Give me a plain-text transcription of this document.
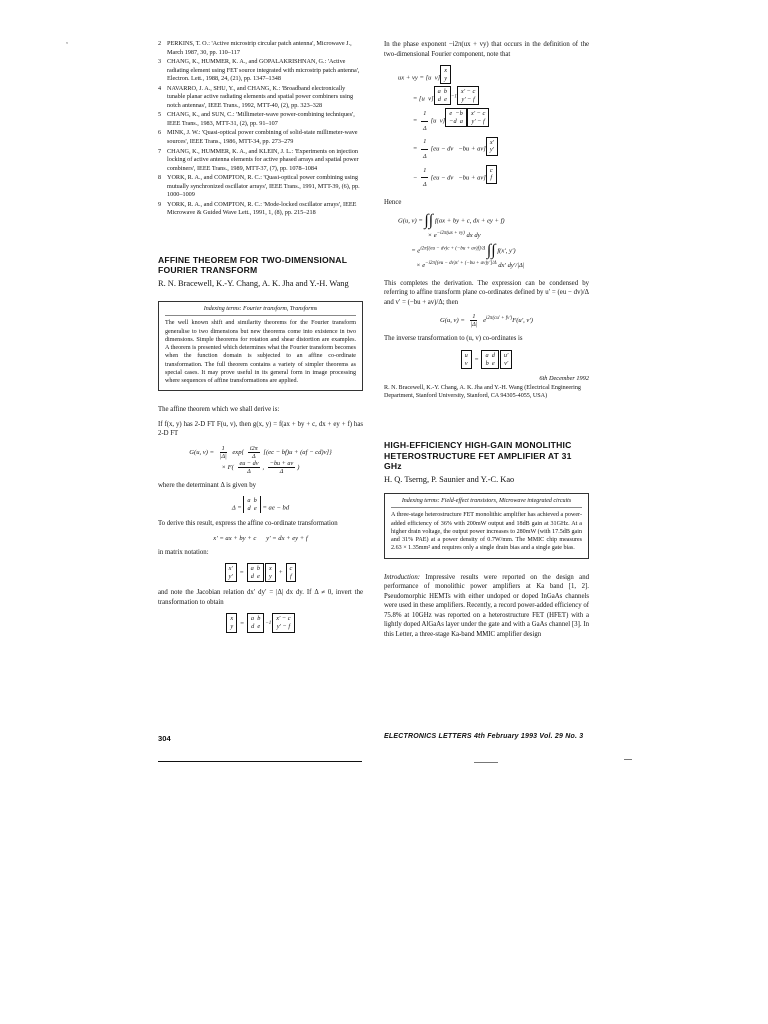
,	2 PERKINS, T. O.: 'Active microstrip circular patch antenna', Microwave J., March 1987, 30, pp. 110–117
3 CHANG, K., HUMMER, K. A., and GOPALAKRISHNAN, G.: 'Active radiating element using FET source integrated with microstrip patch antenna', Electron. Lett., 1988, 24, (21), pp. 1347–1348
4 NAVARRO, J. A., SHU, Y., and CHANG, K.: 'Broadband electronically tunable planar active radiating elements and spatial power combiners using notch antennas', IEEE Trans., 1992, MTT-40, (2), pp. 323–328
5 CHANG, K., and SUN, C.: 'Millimeter-wave power-combining techniques', IEEE Trans., 1983, MTT-31, (2), pp. 91–107
6 MINK, J. W.: 'Quasi-optical power combining of solid-state millimeter-wave sources', IEEE Trans., 1986, MTT-34, pp. 273–279
7 CHANG, K., HUMMER, K. A., and KLEIN, J. L.: 'Experiments on injection locking of active antenna elements for active phased arrays and spatial power combiners', IEEE Trans., 1989, MTT-37, (7), pp. 1078–1084
8 YORK, R. A., and COMPTON, R. C.: 'Quasi-optical power combining using mutually synchronized oscillator arrays', IEEE Trans., 1991, MTT-39, (6), pp. 1000–1009
9 YORK, R. A., and COMPTON, R. C.: 'Mode-locked oscillator arrays', IEEE Microwave & Guided Wave Lett., 1991, 1, (8), pp. 215–218
AFFINE THEOREM FOR TWO-DIMENSIONAL FOURIER TRANSFORM

R. N. Bracewell, K.-Y. Chang, A. K. Jha and Y.-H. Wang

Indexing terms: Fourier transform, Transforms
The well known shift and similarity theorems for the Fourier transform generalise to two dimensions but new theorems come into existence in two dimensions. Simple theorems for rotation and shear distortion are examples. A theorem is presented which determines what the Fourier transform becomes when the function domain is subjected to an affine co-ordinate transformation. The full theorem contains a variety of simpler theorems as special cases. It may prove useful in its general form in image processing where sequences of affine transformations are applied.

The affine theorem which we shall derive is:

If f(x, y) has 2-D FT F(u, v), then g(x, y) = f(ax + by + c, dx + ey + f) has 2-D FT

G(u, $v) = \frac{1}{|\Delta|} \exp\{ \frac{i2\pi}{\Delta} [(ec - bf)u + (af - cd)v]\}$
× $F( \frac{eu - dv}{\Delta}$ , $\frac{-bu + av}{\Delta}$ )

where the determinant Δ is given by

Δ =
a  b
d  e = ae − bd

To derive this result, express the affine co-ordinate transformation

x′ = ax + by + c      y′ = dx + ey + f

in matrix notation:

x′
y′ =
a  b
d  e
x
y +
c
f

and note the Jacobian relation dx′ dy′ = |Δ| dx dy. If Δ ≠ 0, invert the transformation to obtain

x
y =
a  b
d  e −1
x′ − c
y′ − f

In the phase exponent −i2π(ux + vy) that occurs in the definition of the two-dimensional Fourier component, note that

ux + vy = [u  v]
x
y

= [u  v]
a  b
d  e $^{-1}$
x′ − c
y′ − f

= $\frac{1}{\Delta} [u$  v]
e  −b
−d  a
x′ − c
y′ − f

= $\frac{1}{\Delta} [eu$ − dv   −bu + av]
x′
y′

− $\frac{1}{\Delta} [eu$ − dv   −bu + av]
c
f

Hence

G(u, v) = ∫∫ f(ax + by + c, dx + ey + f)
× $e^{-i2\pi(ux + vy)}$ dx dy
= $e^{i2\pi[(eu - dv)c + (-bu + av)f]/\Delta}$ ∫∫ f(x′, y′)
× $e^{-i2\pi[(eu - dv)x' + (-bu + av)y']/\Delta}$ dx′ dy′/|Δ|

This completes the derivation. The expression can be condensed by referring to affine transform plane co-ordinates defined by u′ = (eu − dv)/Δ and v′ = (−bu + av)/Δ; then

G(u, $v) = \frac{1}{|\Delta|} e^{i2\pi(cu' + fv')}F(u'$, v′)

The inverse transformation to (u, v) co-ordinates is

u
v =
a  d
b  e
u′
v′

6th December 1992

R. N. Bracewell, K.-Y. Chang, A. K. Jha and Y.-H. Wang (Electrical Engineering Department, Stanford University, Stanford, CA 94305-4055, USA)

HIGH-EFFICIENCY HIGH-GAIN MONOLITHIC HETEROSTRUCTURE FET AMPLIFIER AT 31 GHz

H. Q. Tserng, P. Saunier and Y.-C. Kao

Indexing terms: Field-effect transistors, Microwave integrated circuits
A three-stage heterostructure FET monolithic amplifier has achieved a power-added efficiency of 36% with 200mW output and 18dB gain at 31GHz. At a higher drain voltage, the output power increases to 280mW (with 17.5dB gain and 31% PAE) at a power density of 0.7W/mm. The MMIC chip measures 2.63 × 1.35mm² and requires only a single drain bias and a single gate bias.

Introduction: Impressive results were reported on the design and performance of monolithic power amplifiers at Ka band [1, 2]. Pseudomorphic HEMTs with either undoped or doped InGaAs channels were used in these amplifiers. Recently, a record power-added efficiency of 75.8% at 10GHz was reported on a heterostructure FET (HFET) with a lightly doped AlGaAs layer under the gate and with a GaAs channel [3]. In this Letter, a three-stage Ka-band MMIC amplifier design

304	ELECTRONICS LETTERS 4th February 1993 Vol. 29 No. 3
